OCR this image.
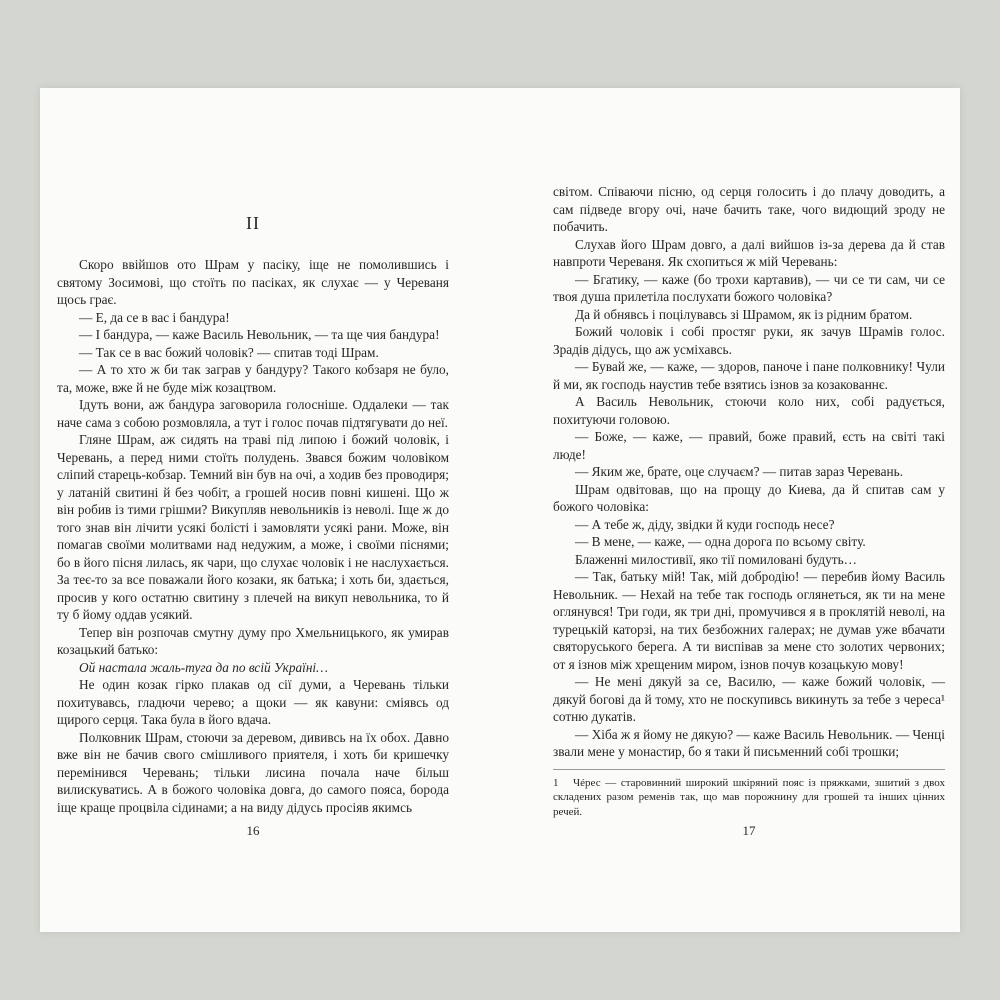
II

Скоро ввійшов ото Шрам у пасіку, іще не помолившись і святому Зосимові, що стоїть по пасіках, як слухає — у Череваня щось грає.

— Е, да се в вас і бандура!

— І бандура, — каже Василь Невольник, — та ще чия бандура!

— Так се в вас божий чоловік? — спитав тоді Шрам.

— А то хто ж би так заграв у бандуру? Такого кобзаря не було, та, може, вже й не буде між козацтвом.

Ідуть вони, аж бандура заговорила голосніше. Оддалеки — так наче сама з собою розмовляла, а тут і голос почав підтягувати до неї.

Гляне Шрам, аж сидять на траві під липою і божий чоловік, і Черевань, а перед ними стоїть полудень. Звався божим чоловіком сліпий старець-кобзар. Темний він був на очі, а ходив без проводиря; у латаній свитині й без чобіт, а грошей носив повні кишені. Що ж він робив із тими грішми? Викупляв невольників із неволі. Іще ж до того знав він лічити усякі болісті і замовляти усякі рани. Може, він помагав своїми молитвами над недужим, а може, і своїми піснями; бо в його пісня лилась, як чари, що слухає чоловік і не наслухається. За теє-то за все поважали його козаки, як батька; і хоть би, здається, просив у кого остатню свитину з плечей на викуп невольника, то й ту б йому оддав усякий.

Тепер він розпочав смутну думу про Хмельницького, як умирав козацький батько:

Ой настала жаль-туга да по всій Україні…

Не один козак гірко плакав од сії думи, а Черевань тільки похитувавсь, гладючи черево; а щоки — як кавуни: сміявсь од щирого серця. Така була в його вдача.

Полковник Шрам, стоючи за деревом, дививсь на їх обох. Давно вже він не бачив свого смішливого приятеля, і хоть би кришечку перемінився Черевань; тільки лисина почала наче більш вилискуватись. А в божого чоловіка довга, до самого пояса, борода іще краще процвіла сідинами; а на виду дідусь просіяв якимсь

16

світом. Співаючи пісню, од серця голосить і до плачу доводить, а сам підведе вгору очі, наче бачить таке, чого видющий зроду не побачить.

Слухав його Шрам довго, а далі вийшов із-за дерева да й став навпроти Череваня. Як схопиться ж мій Черевань:

— Бгатику, — каже (бо трохи картавив), — чи се ти сам, чи се твоя душа прилетіла послухати божого чоловіка?

Да й обнявсь і поцілувавсь зі Шрамом, як із рідним братом.

Божий чоловік і собі простяг руки, як зачув Шрамів голос. Зрадів дідусь, що аж усміхавсь.

— Бувай же, — каже, — здоров, паноче і пане полковнику! Чули й ми, як господь наустив тебе взятись ізнов за козакованнє.

А Василь Невольник, стоючи коло них, собі радується, похитуючи головою.

— Боже, — каже, — правий, боже правий, єсть на світі такі люде!

— Яким же, брате, оце случаєм? — питав зараз Черевань.

Шрам одвітовав, що на прощу до Киева, да й спитав сам у божого чоловіка:

— А тебе ж, діду, звідки й куди господь несе?

— В мене, — каже, — одна дорога по всьому світу.

Блаженні милостивії, яко тії помиловані будуть…

— Так, батьку мій! Так, мій добродію! — перебив йому Василь Невольник. — Нехай на тебе так господь оглянеться, як ти на мене оглянувся! Три годи, як три дні, промучився я в проклятій неволі, на турецькій каторзі, на тих безбожних галерах; не думав уже вбачати святоруського берега. А ти виспівав за мене сто золотих червоних; от я ізнов між хрещеним миром, ізнов почув козацькую мову!

— Не мені дякуй за се, Василю, — каже божий чоловік, — дякуй богові да й тому, хто не поскупивсь викинуть за тебе з череса¹ сотню дукатів.

— Хіба ж я йому не дякую? — каже Василь Невольник. — Ченці звали мене у монастир, бо я таки й письменний собі трошки;

1 Чéрес — старовинний широкий шкіряний пояс із пряжками, зшитий з двох складених разом ременів так, що мав порожнину для грошей та інших цінних речей.
17
